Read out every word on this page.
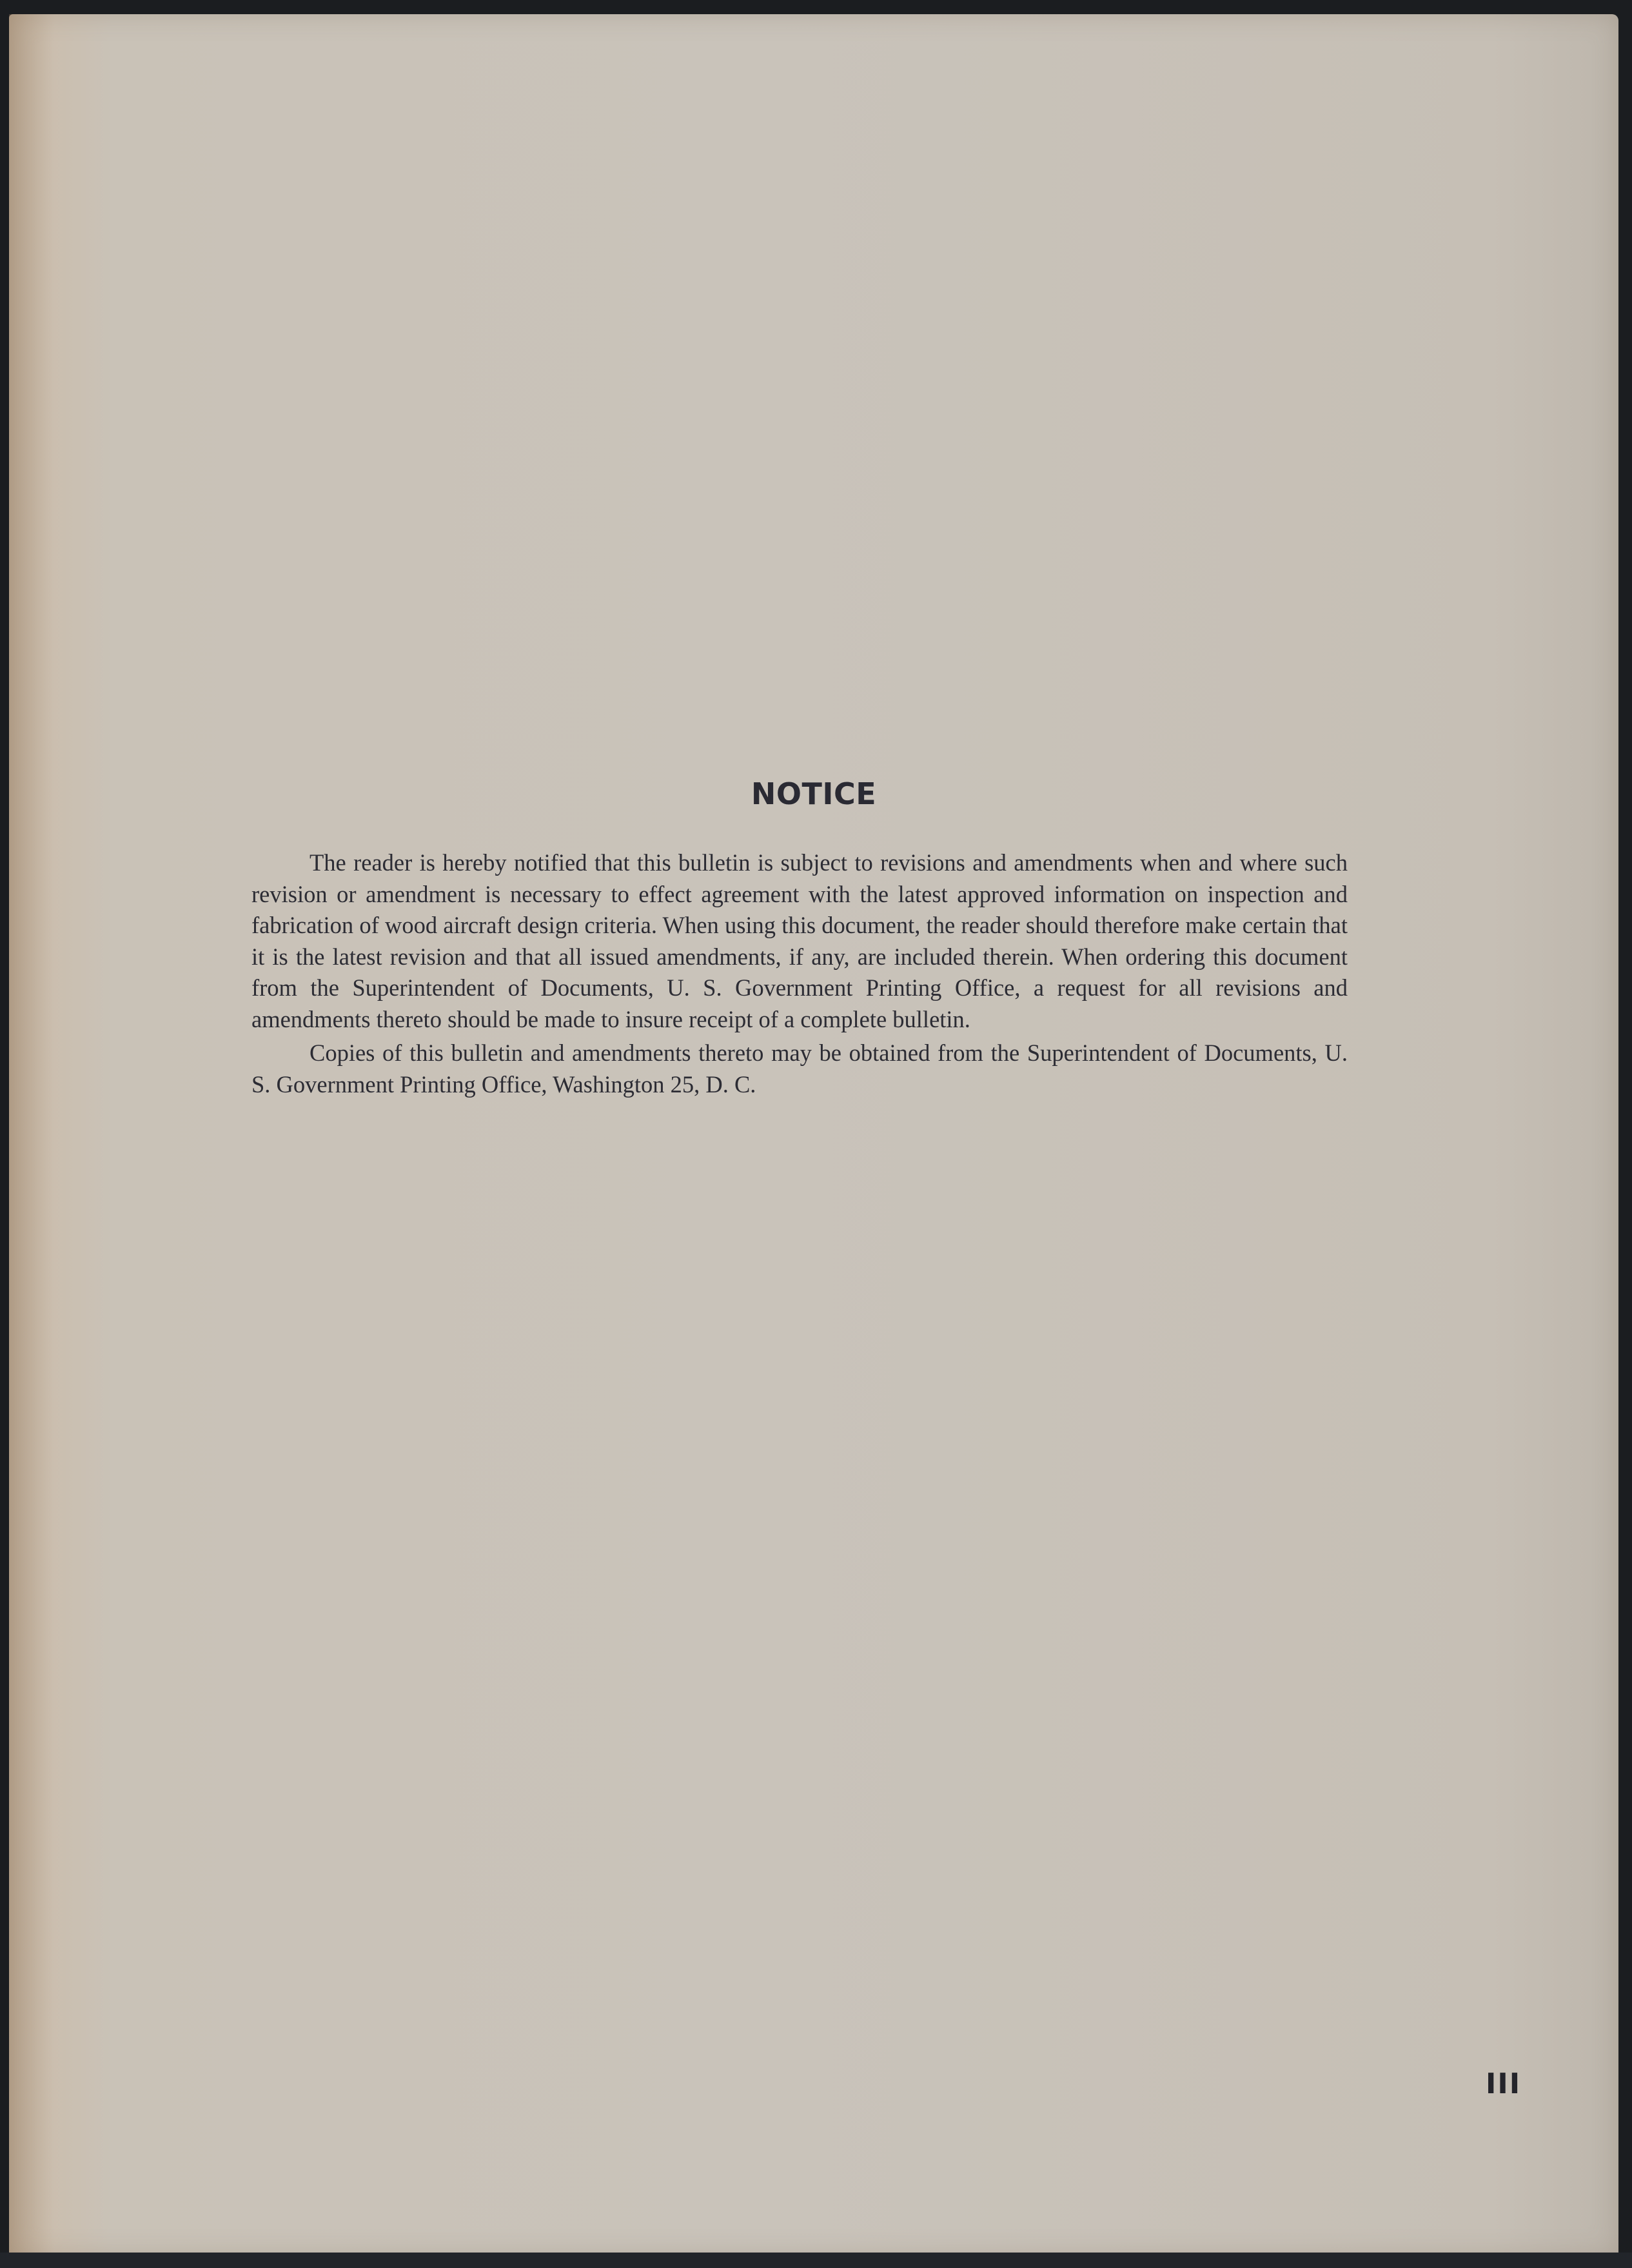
NOTICE

The reader is hereby notified that this bulletin is subject to revisions and amendments when and where such revision or amendment is necessary to effect agreement with the latest approved information on inspection and fabrication of wood aircraft design criteria. When using this document, the reader should therefore make certain that it is the latest revision and that all issued amendments, if any, are included therein. When ordering this document from the Superintendent of Documents, U. S. Government Printing Office, a request for all revisions and amendments thereto should be made to insure receipt of a complete bulletin.

Copies of this bulletin and amendments thereto may be obtained from the Superintendent of Documents, U. S. Government Printing Office, Washington 25, D. C.

III
